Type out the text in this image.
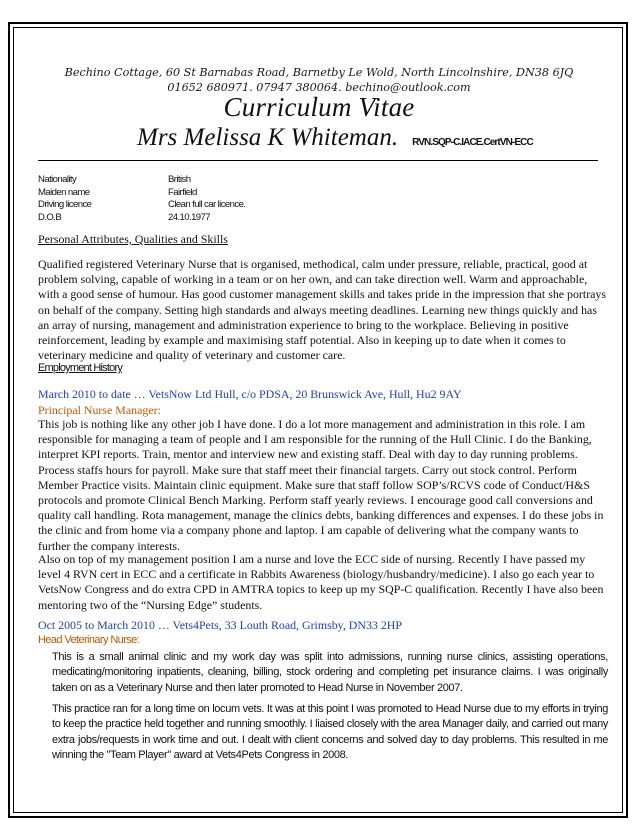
Bechino Cottage, 60 St Barnabas Road, Barnetby Le Wold, North Lincolnshire, DN38 6JQ
01652 680971. 07947 380064. bechino@outlook.com
Curriculum Vitae
Mrs Melissa K Whiteman. RVN.SQP-C.IACE.CertVN-ECC
Nationality	British
Maiden name	Fairfield
Driving licence	Clean full car licence.
D.O.B	24.10.1977
Personal Attributes, Qualities and Skills

Qualified registered Veterinary Nurse that is organised, methodical, calm under pressure, reliable, practical, good at problem solving, capable of working in a team or on her own, and can take direction well. Warm and approachable, with a good sense of humour. Has good customer management skills and takes pride in the impression that she portrays on behalf of the company. Setting high standards and always meeting deadlines. Learning new things quickly and has an array of nursing, management and administration experience to bring to the workplace. Believing in positive reinforcement, leading by example and maximising staff potential. Also in keeping up to date when it comes to veterinary medicine and quality of veterinary and customer care.

Employment History
March 2010 to date … VetsNow Ltd Hull, c/o PDSA, 20 Brunswick Ave, Hull, Hu2 9AY
Principal Nurse Manager:

This job is nothing like any other job I have done. I do a lot more management and administration in this role. I am responsible for managing a team of people and I am responsible for the running of the Hull Clinic. I do the Banking, interpret KPI reports. Train, mentor and interview new and existing staff. Deal with day to day running problems. Process staffs hours for payroll. Make sure that staff meet their financial targets. Carry out stock control. Perform Member Practice visits. Maintain clinic equipment. Make sure that staff follow SOP’s/RCVS code of Conduct/H&S protocols and promote Clinical Bench Marking. Perform staff yearly reviews. I encourage good call conversions and quality call handling. Rota management, manage the clinics debts, banking differences and expenses. I do these jobs in the clinic and from home via a company phone and laptop. I am capable of delivering what the company wants to further the company interests.

Also on top of my management position I am a nurse and love the ECC side of nursing. Recently I have passed my level 4 RVN cert in ECC and a certificate in Rabbits Awareness (biology/husbandry/medicine). I also go each year to VetsNow Congress and do extra CPD in AMTRA topics to keep up my SQP-C qualification. Recently I have also been mentoring two of the “Nursing Edge” students.

Oct 2005 to March 2010 … Vets4Pets, 33 Louth Road, Grimsby, DN33 2HP
Head Veterinary Nurse:

This is a small animal clinic and my work day was split into admissions, running nurse clinics, assisting operations, medicating/monitoring inpatients, cleaning, billing, stock ordering and completing pet insurance claims. I was originally taken on as a Veterinary Nurse and then later promoted to Head Nurse in November 2007.

This practice ran for a long time on locum vets. It was at this point I was promoted to Head Nurse due to my efforts in trying to keep the practice held together and running smoothly. I liaised closely with the area Manager daily, and carried out many extra jobs/requests in work time and out. I dealt with client concerns and solved day to day problems. This resulted in me winning the "Team Player" award at Vets4Pets Congress in 2008.
